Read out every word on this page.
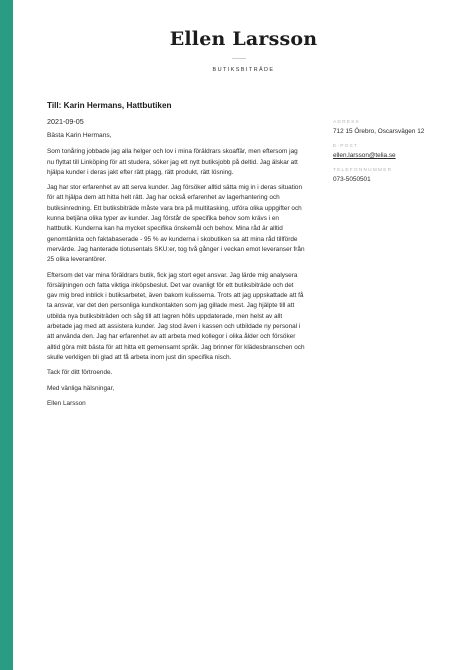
Ellen Larsson
BUTIKSBITRÄDE
Till: Karin Hermans, Hattbutiken
2021-09-05
Bästa Karin Hermans,

Som tonåring jobbade jag alla helger och lov i mina föräldrars skoaffär, men eftersom jag nu flyttat till Linköping för att studera, söker jag ett nytt butiksjobb på deltid. Jag älskar att hjälpa kunder i deras jakt efter rätt plagg, rätt produkt, rätt lösning.

Jag har stor erfarenhet av att serva kunder. Jag försöker alltid sätta mig in i deras situation för att hjälpa dem att hitta helt rätt. Jag har också erfarenhet av lagerhantering och butiksinredning. Ett butiksbiträde måste vara bra på multitasking, utföra olika uppgifter och kunna betjäna olika typer av kunder. Jag förstår de specifika behov som krävs i en hattbutik. Kunderna kan ha mycket specifika önskemål och behov. Mina råd är alltid genomtänkta och faktabaserade - 95 % av kunderna i skobutiken sa att mina råd tillförde mervärde. Jag hanterade tiotusentals SKU:er, tog två gånger i veckan emot leveranser från 25 olika leverantörer.

Eftersom det var mina föräldrars butik, fick jag stort eget ansvar. Jag lärde mig analysera försäljningen och fatta viktiga inköpsbeslut. Det var ovanligt för ett butiksbiträde och det gav mig bred inblick i butiksarbetet, även bakom kulisserna. Trots att jag uppskattade att få ta ansvar, var det den personliga kundkontakten som jag gillade mest. Jag hjälpte till att utbilda nya butiksbiträden och såg till att lagren hölls uppdaterade, men helst av allt arbetade jag med att assistera kunder. Jag stod även i kassen och utbildade ny personal i att använda den. Jag har erfarenhet av att arbeta med kollegor i olika ålder och försöker alltid göra mitt bästa för att hitta ett gemensamt språk. Jag brinner för klädesbranschen och skulle verkligen bli glad att få arbeta inom just din specifika nisch.

Tack för ditt förtroende.
Med vänliga hälsningar,
Ellen Larsson
ADRESS
712 15 Örebro, Oscarsvägen 12
E-POST
ellen.larsson@telia.se
TELEFONNUMMER
073-5050501
